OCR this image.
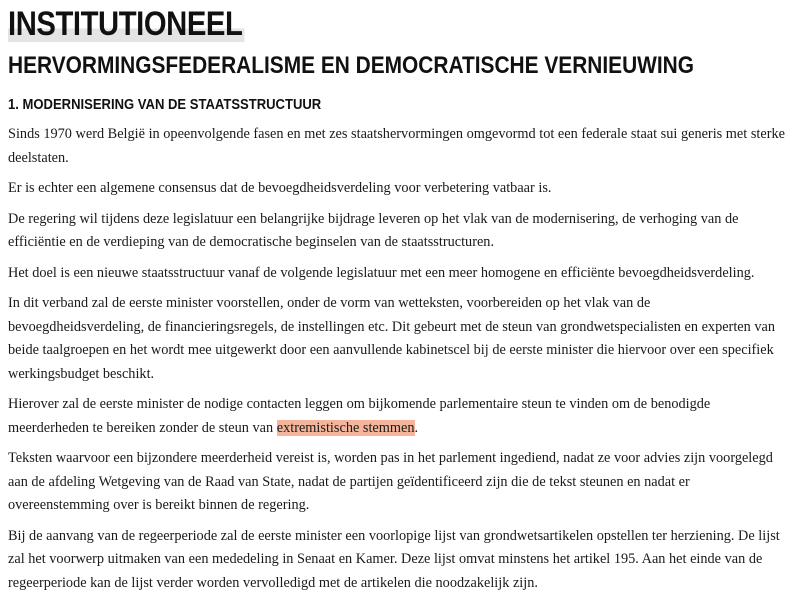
INSTITUTIONEEL
HERVORMINGSFEDERALISME EN DEMOCRATISCHE VERNIEUWING
1. MODERNISERING VAN DE STAATSSTRUCTUUR

Sinds 1970 werd België in opeenvolgende fasen en met zes staatshervormingen omgevormd tot een federale staat sui generis met sterke deelstaten.

Er is echter een algemene consensus dat de bevoegdheidsverdeling voor verbetering vatbaar is.

De regering wil tijdens deze legislatuur een belangrijke bijdrage leveren op het vlak van de modernisering, de verhoging van de efficiëntie en de verdieping van de democratische beginselen van de staatsstructuren.

Het doel is een nieuwe staatsstructuur vanaf de volgende legislatuur met een meer homogene en efficiënte bevoegdheidsverdeling.

In dit verband zal de eerste minister voorstellen, onder de vorm van wetteksten, voorbereiden op het vlak van de bevoegdheidsverdeling, de financieringsregels, de instellingen etc. Dit gebeurt met de steun van grondwetspecialisten en experten van beide taalgroepen en het wordt mee uitgewerkt door een aanvullende kabinetscel bij de eerste minister die hiervoor over een specifiek werkingsbudget beschikt.

Hierover zal de eerste minister de nodige contacten leggen om bijkomende parlementaire steun te vinden om de benodigde meerderheden te bereiken zonder de steun van extremistische stemmen.

Teksten waarvoor een bijzondere meerderheid vereist is, worden pas in het parlement ingediend, nadat ze voor advies zijn voorgelegd aan de afdeling Wetgeving van de Raad van State, nadat de partijen geïdentificeerd zijn die de tekst steunen en nadat er overeenstemming over is bereikt binnen de regering.

Bij de aanvang van de regeerperiode zal de eerste minister een voorlopige lijst van grondwetsartikelen opstellen ter herziening. De lijst zal het voorwerp uitmaken van een mededeling in Senaat en Kamer. Deze lijst omvat minstens het artikel 195. Aan het einde van de regeerperiode kan de lijst verder worden vervolledigd met de artikelen die noodzakelijk zijn.
